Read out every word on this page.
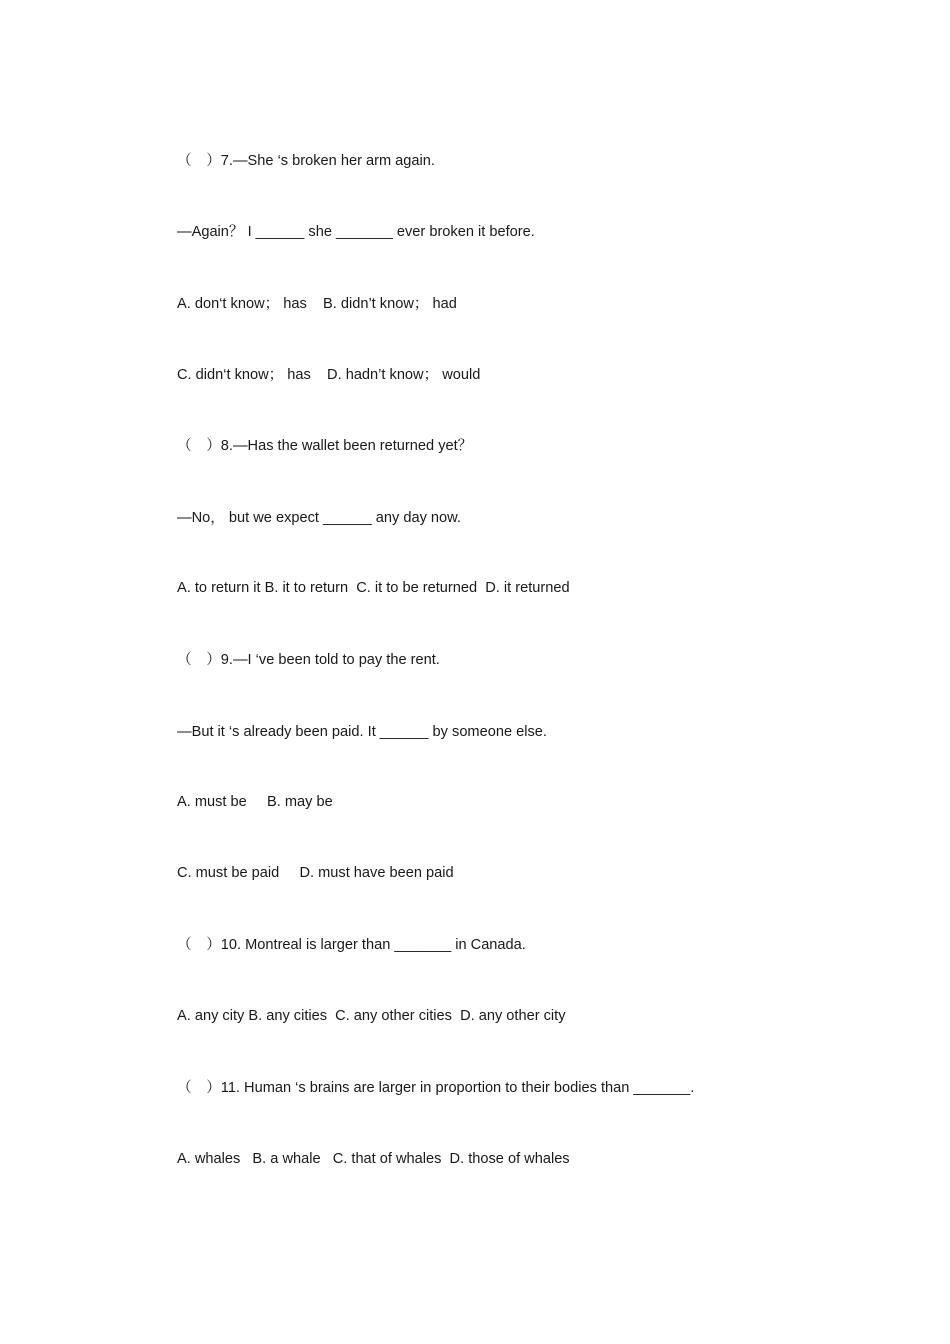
（　）7.—She ‘s broken her arm again.
—Again？ I ______ she _______ ever broken it before.
A. don‘t know； has    B. didn’t know； had
C. didn‘t know； has    D. hadn’t know； would
（　）8.—Has the wallet been returned yet？
—No， but we expect ______ any day now.
A. to return it B. it to return  C. it to be returned  D. it returned
（　）9.—I ‘ve been told to pay the rent.
—But it ‘s already been paid. It ______ by someone else.
A. must be     B. may be
C. must be paid     D. must have been paid
（　）10. Montreal is larger than _______ in Canada.
A. any city B. any cities  C. any other cities  D. any other city
（　）11. Human ‘s brains are larger in proportion to their bodies than _______.
A. whales   B. a whale   C. that of whales  D. those of whales
